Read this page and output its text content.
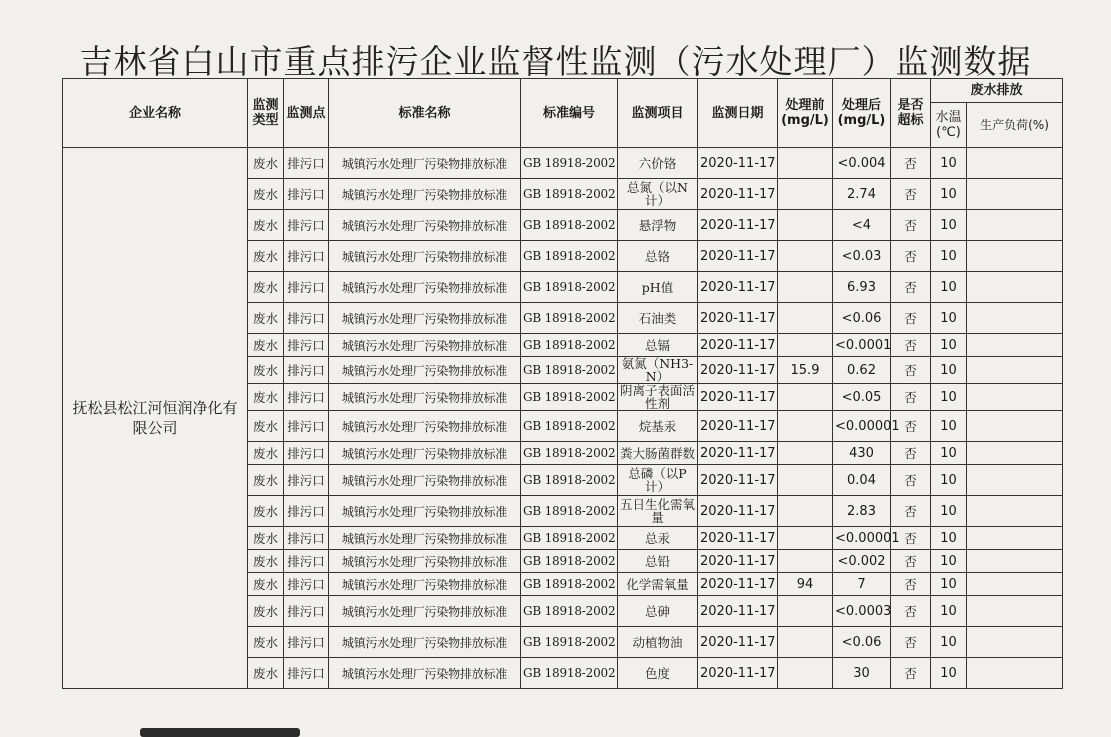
吉林省白山市重点排污企业监督性监测（污水处理厂）监测数据
企业名称	监测类型	监测点	标准名称	标准编号	监测项目	监测日期	处理前(mg/L)	处理后(mg/L)	是否超标	废水排放	
										水温(℃)	生产负荷(%)
抚松县松江河恒润净化有限公司	废水	排污口	城镇污水处理厂污染物排放标准	GB 18918-2002	六价铬	2020-11-17		<0.004	否	10	
	废水	排污口	城镇污水处理厂污染物排放标准	GB 18918-2002	总氮（以N计）	2020-11-17		2.74	否	10	
	废水	排污口	城镇污水处理厂污染物排放标准	GB 18918-2002	悬浮物	2020-11-17		<4	否	10	
	废水	排污口	城镇污水处理厂污染物排放标准	GB 18918-2002	总铬	2020-11-17		<0.03	否	10	
	废水	排污口	城镇污水处理厂污染物排放标准	GB 18918-2002	pH值	2020-11-17		6.93	否	10	
	废水	排污口	城镇污水处理厂污染物排放标准	GB 18918-2002	石油类	2020-11-17		<0.06	否	10	
	废水	排污口	城镇污水处理厂污染物排放标准	GB 18918-2002	总镉	2020-11-17		<0.0001	否	10	
	废水	排污口	城镇污水处理厂污染物排放标准	GB 18918-2002	氨氮（NH3-N）	2020-11-17	15.9	0.62	否	10	
	废水	排污口	城镇污水处理厂污染物排放标准	GB 18918-2002	阴离子表面活性剂	2020-11-17		<0.05	否	10	
	废水	排污口	城镇污水处理厂污染物排放标准	GB 18918-2002	烷基汞	2020-11-17		<0.00001	否	10	
	废水	排污口	城镇污水处理厂污染物排放标准	GB 18918-2002	粪大肠菌群数	2020-11-17		430	否	10	
	废水	排污口	城镇污水处理厂污染物排放标准	GB 18918-2002	总磷（以P计）	2020-11-17		0.04	否	10	
	废水	排污口	城镇污水处理厂污染物排放标准	GB 18918-2002	五日生化需氧量	2020-11-17		2.83	否	10	
	废水	排污口	城镇污水处理厂污染物排放标准	GB 18918-2002	总汞	2020-11-17		<0.00001	否	10	
	废水	排污口	城镇污水处理厂污染物排放标准	GB 18918-2002	总铅	2020-11-17		<0.002	否	10	
	废水	排污口	城镇污水处理厂污染物排放标准	GB 18918-2002	化学需氧量	2020-11-17	94	7	否	10	
	废水	排污口	城镇污水处理厂污染物排放标准	GB 18918-2002	总砷	2020-11-17		<0.0003	否	10	
	废水	排污口	城镇污水处理厂污染物排放标准	GB 18918-2002	动植物油	2020-11-17		<0.06	否	10	
	废水	排污口	城镇污水处理厂污染物排放标准	GB 18918-2002	色度	2020-11-17		30	否	10	
